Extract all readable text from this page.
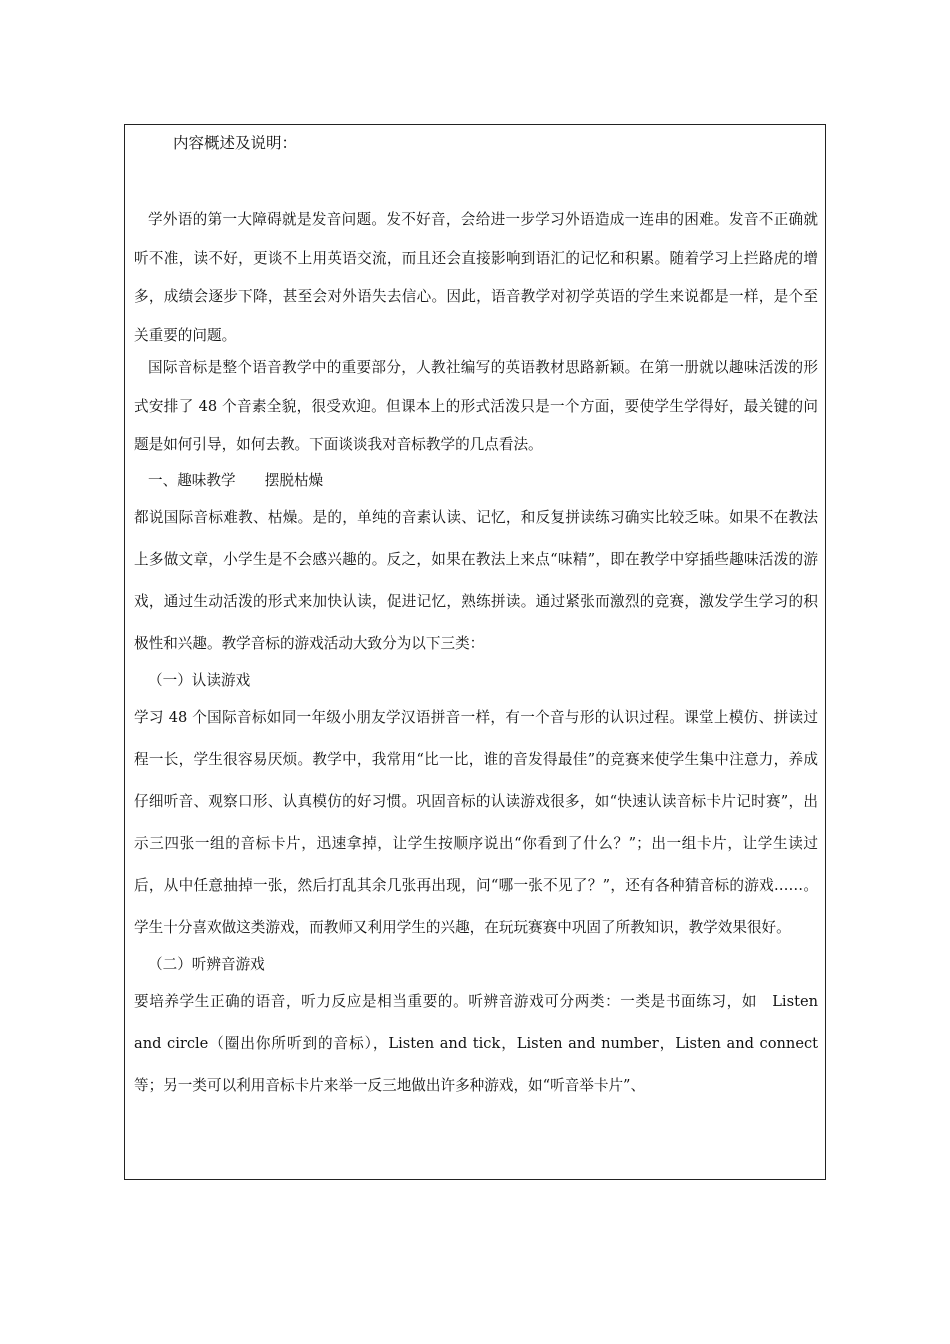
内容概述及说明：

学外语的第一大障碍就是发音问题。发不好音，会给进一步学习外语造成一连串的困难。发音不正确就听不准，读不好，更谈不上用英语交流，而且还会直接影响到语汇的记忆和积累。随着学习上拦路虎的增多，成绩会逐步下降，甚至会对外语失去信心。因此，语音教学对初学英语的学生来说都是一样，是个至关重要的问题。

国际音标是整个语音教学中的重要部分，人教社编写的英语教材思路新颖。在第一册就以趣味活泼的形式安排了 48 个音素全貌，很受欢迎。但课本上的形式活泼只是一个方面，要使学生学得好，最关键的问题是如何引导，如何去教。下面谈谈我对音标教学的几点看法。

一、趣味教学　　摆脱枯燥

都说国际音标难教、枯燥。是的，单纯的音素认读、记忆，和反复拼读练习确实比较乏味。如果不在教法上多做文章，小学生是不会感兴趣的。反之，如果在教法上来点“味精”，即在教学中穿插些趣味活泼的游戏，通过生动活泼的形式来加快认读，促进记忆，熟练拼读。通过紧张而激烈的竞赛，激发学生学习的积极性和兴趣。教学音标的游戏活动大致分为以下三类：

（一）认读游戏

学习 48 个国际音标如同一年级小朋友学汉语拼音一样，有一个音与形的认识过程。课堂上模仿、拼读过程一长，学生很容易厌烦。教学中，我常用“比一比，谁的音发得最佳”的竞赛来使学生集中注意力，养成仔细听音、观察口形、认真模仿的好习惯。巩固音标的认读游戏很多，如“快速认读音标卡片记时赛”，出示三四张一组的音标卡片，迅速拿掉，让学生按顺序说出“你看到了什么？”；出一组卡片，让学生读过后，从中任意抽掉一张，然后打乱其余几张再出现，问“哪一张不见了？”，还有各种猜音标的游戏……。学生十分喜欢做这类游戏，而教师又利用学生的兴趣，在玩玩赛赛中巩固了所教知识，教学效果很好。

（二）听辨音游戏

要培养学生正确的语音，听力反应是相当重要的。听辨音游戏可分两类：一类是书面练习，如　Listen and circle（圈出你所听到的音标），Listen and tick，Listen and number，Listen and connect 等；另一类可以利用音标卡片来举一反三地做出许多种游戏，如“听音举卡片”、
